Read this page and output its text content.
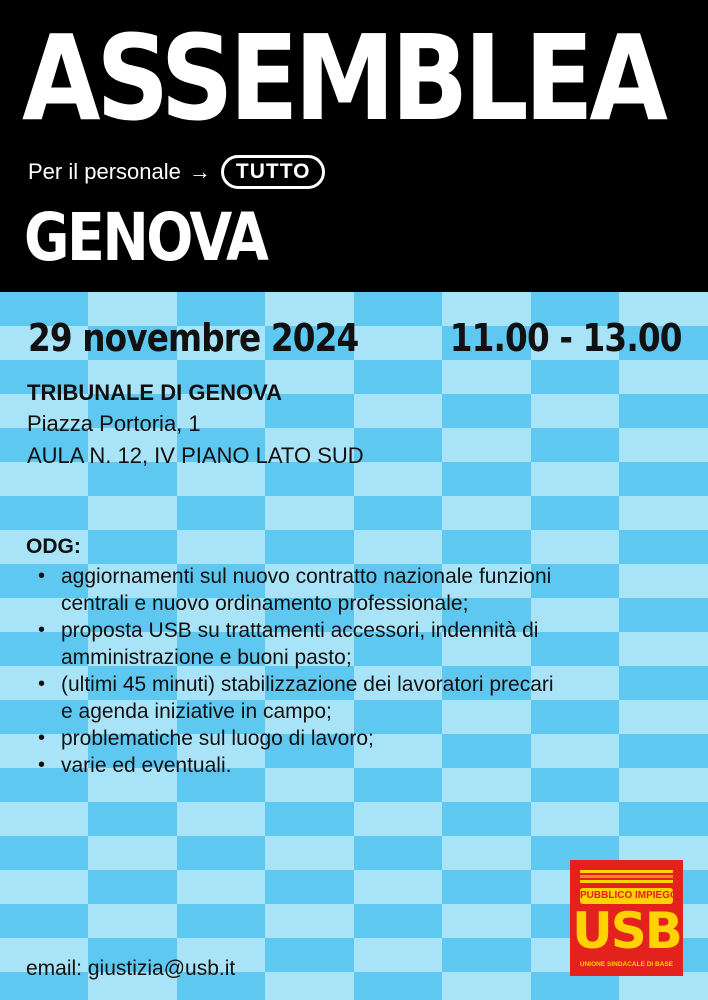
ASSEMBLEA
Per il personale →	TUTTO
GENOVA
29 novembre 2024 11.00 - 13.00
TRIBUNALE DI GENOVA
Piazza Portoria, 1
AULA N. 12, IV PIANO LATO SUD
ODG:
• aggiornamenti sul nuovo contratto nazionale funzioni
centrali e nuovo ordinamento professionale;
• proposta USB su trattamenti accessori, indennità di
amministrazione e buoni pasto;
• (ultimi 45 minuti) stabilizzazione dei lavoratori precari
e agenda iniziative in campo;
• problematiche sul luogo di lavoro;
• varie ed eventuali.
email: giustizia@usb.it
PUBBLICO IMPIEGO
USB
UNIONE SINDACALE DI BASE
